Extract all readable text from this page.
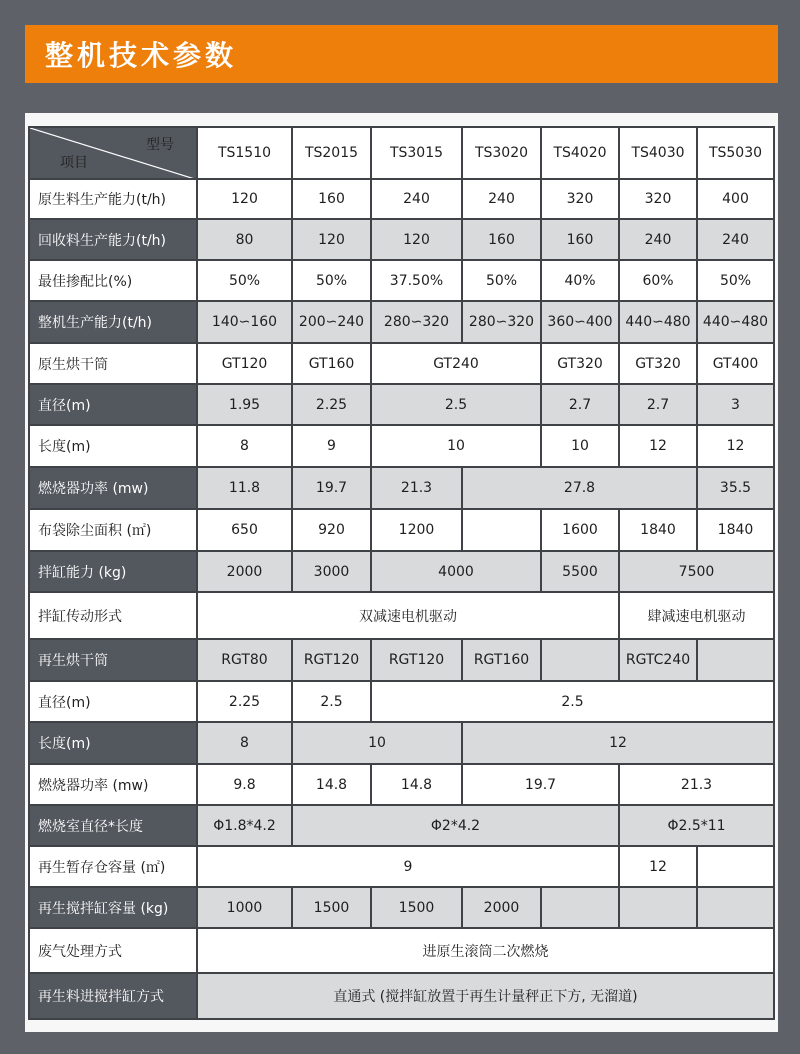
整机技术参数
型号
项目	TS1510	TS2015	TS3015	TS3020	TS4020	TS4030	TS5030
原生料生产能力(t/h)	120	160	240	240	320	320	400
回收料生产能力(t/h)	80	120	120	160	160	240	240
最佳掺配比(%)	50%	50%	37.50%	50%	40%	60%	50%
整机生产能力(t/h)	140∽160	200∽240	280∽320	280∽320	360∽400	440∽480	440∽480
原生烘干筒	GT120	GT160	GT240		GT320	GT320	GT400
直径(m)	1.95	2.25	2.5		2.7	2.7	3
长度(m)	8	9	10		10	12	12
燃烧器功率 (mw)	11.8	19.7	21.3	27.8			35.5
布袋除尘面积 (㎡)	650	920	1200		1600	1840	1840
拌缸能力 (kg)	2000	3000	4000		5500	7500	
拌缸传动形式	双减速电机驱动					肆减速电机驱动	
再生烘干筒	RGT80	RGT120	RGT120	RGT160		RGTC240	
直径(m)	2.25	2.5	2.5				
长度(m)	8	10		12			
燃烧器功率 (mw)	9.8	14.8	14.8	19.7		21.3	
燃烧室直径*长度	Φ1.8*4.2	Φ2*4.2				Φ2.5*11	
再生暂存仓容量 (㎡)	9					12	
再生搅拌缸容量 (kg)	1000	1500	1500	2000			
废气处理方式	进原生滚筒二次燃烧						
再生料进搅拌缸方式	直通式 (搅拌缸放置于再生计量秤正下方, 无溜道)						
